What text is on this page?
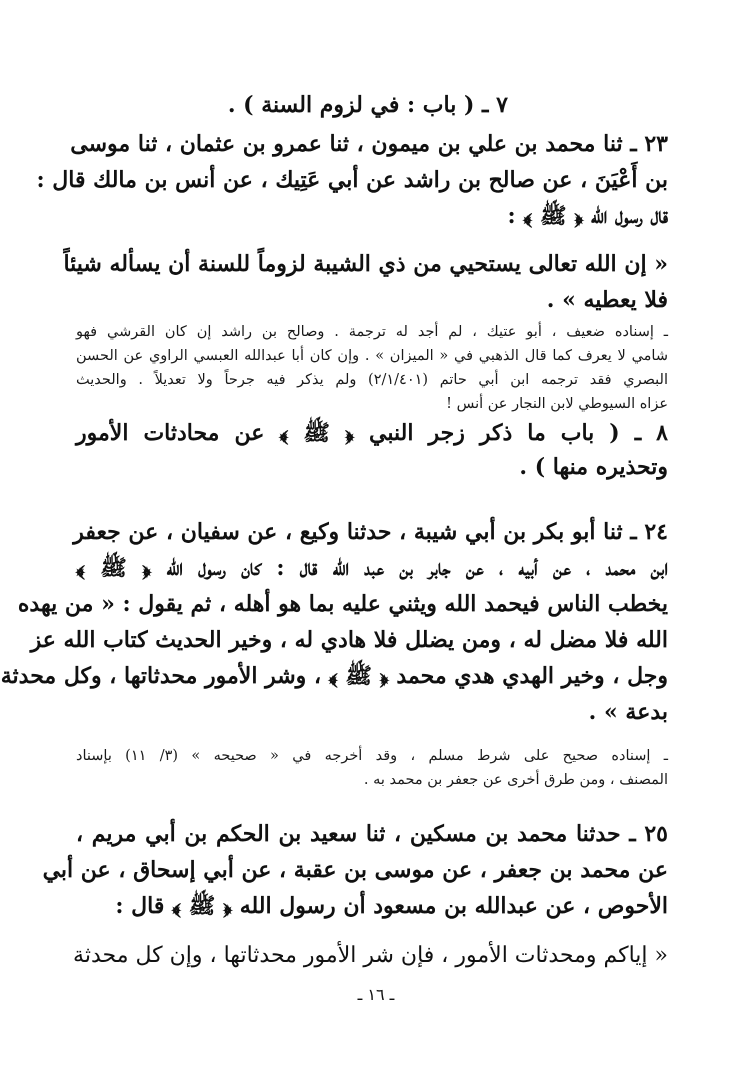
٧ ـ ( باب : في لزوم السنة ) .
٢٣ ـ ثنا محمد بن علي بن ميمون ، ثنا عمرو بن عثمان ، ثنا موسى
بن أَعْيَنَ ، عن صالح بن راشد عن أبي عَتِيك ، عن أنس بن مالك قال :
قال رسول الله ﴿ ﷺ ﴾ :
« إن الله تعالى يستحيي من ذي الشيبة لزوماً للسنة أن يسأله شيئاً
فلا يعطيه » .
ـ إسناده ضعيف ، أبو عتيك ، لم أجد له ترجمة . وصالح بن راشد إن كان القرشي فهو
شامي لا يعرف كما قال الذهبي في « الميزان » . وإن كان أبا عبدالله العبسي الراوي عن الحسن
البصري فقد ترجمه ابن أبي حاتم (٢/١/٤٠١) ولم يذكر فيه جرحاً ولا تعديلاً . والحديث
عزاه السيوطي لابن النجار عن أنس !
٨ ـ ( باب ما ذكر زجر النبي ﴿ ﷺ ﴾ عن محادثات الأمور
وتحذيره منها ) .
٢٤ ـ ثنا أبو بكر بن أبي شيبة ، حدثنا وكيع ، عن سفيان ، عن جعفر
ابن محمد ، عن أبيه ، عن جابر بن عبد الله قال : كان رسول الله ﴿ ﷺ ﴾
يخطب الناس فيحمد الله ويثني عليه بما هو أهله ، ثم يقول : « من يهده
الله فلا مضل له ، ومن يضلل فلا هادي له ، وخير الحديث كتاب الله عز
وجل ، وخير الهدي هدي محمد ﴿ ﷺ ﴾ ، وشر الأمور محدثاتها ، وكل محدثة
بدعة » .
ـ إسناده صحيح على شرط مسلم ، وقد أخرجه في « صحيحه » (٣/ ١١) بإسناد
المصنف ، ومن طرق أخرى عن جعفر بن محمد به .
٢٥ ـ حدثنا محمد بن مسكين ، ثنا سعيد بن الحكم بن أبي مريم ،
عن محمد بن جعفر ، عن موسى بن عقبة ، عن أبي إسحاق ، عن أبي
الأحوص ، عن عبدالله بن مسعود أن رسول الله ﴿ ﷺ ﴾ قال :
« إياكم ومحدثات الأمور ، فإن شر الأمور محدثاتها ، وإن كل محدثة
ـ ١٦ ـ
